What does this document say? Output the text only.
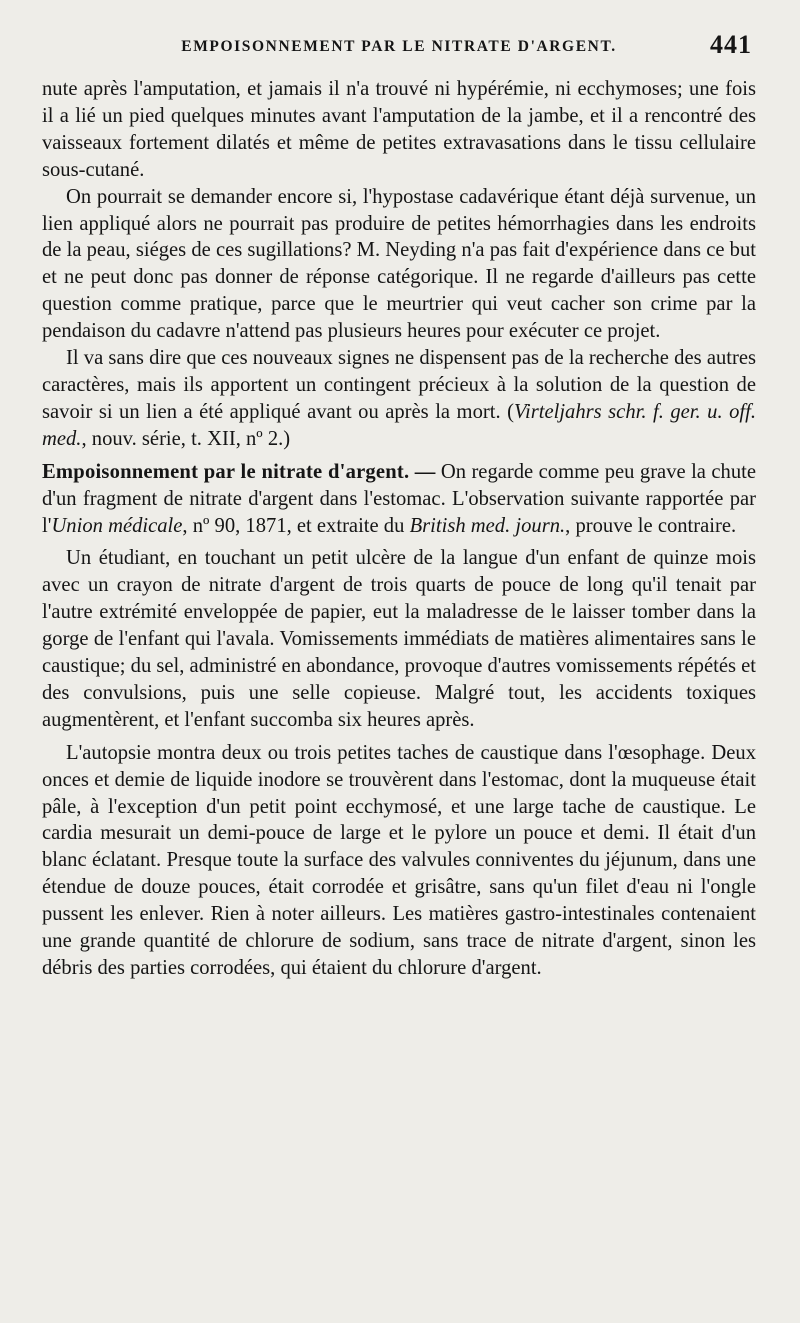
EMPOISONNEMENT PAR LE NITRATE D'ARGENT.	441

nute après l'amputation, et jamais il n'a trouvé ni hypérémie, ni ecchymoses; une fois il a lié un pied quelques minutes avant l'amputation de la jambe, et il a rencontré des vaisseaux fortement dilatés et même de petites extravasations dans le tissu cellulaire sous-cutané.

On pourrait se demander encore si, l'hypostase cadavérique étant déjà survenue, un lien appliqué alors ne pourrait pas produire de petites hémorrhagies dans les endroits de la peau, siéges de ces sugillations? M. Neyding n'a pas fait d'expérience dans ce but et ne peut donc pas donner de réponse catégorique. Il ne regarde d'ailleurs pas cette question comme pratique, parce que le meurtrier qui veut cacher son crime par la pendaison du cadavre n'attend pas plusieurs heures pour exécuter ce projet.

Il va sans dire que ces nouveaux signes ne dispensent pas de la recherche des autres caractères, mais ils apportent un contingent précieux à la solution de la question de savoir si un lien a été appliqué avant ou après la mort. (Virteljahrs schr. f. ger. u. off. med., nouv. série, t. XII, nº 2.)

Empoisonnement par le nitrate d'argent. — On regarde comme peu grave la chute d'un fragment de nitrate d'argent dans l'estomac. L'observation suivante rapportée par l'Union médicale, nº 90, 1871, et extraite du British med. journ., prouve le contraire.

Un étudiant, en touchant un petit ulcère de la langue d'un enfant de quinze mois avec un crayon de nitrate d'argent de trois quarts de pouce de long qu'il tenait par l'autre extrémité enveloppée de papier, eut la maladresse de le laisser tomber dans la gorge de l'enfant qui l'avala. Vomissements immédiats de matières alimentaires sans le caustique; du sel, administré en abondance, provoque d'autres vomissements répétés et des convulsions, puis une selle copieuse. Malgré tout, les accidents toxiques augmentèrent, et l'enfant succomba six heures après.

L'autopsie montra deux ou trois petites taches de caustique dans l'œsophage. Deux onces et demie de liquide inodore se trouvèrent dans l'estomac, dont la muqueuse était pâle, à l'exception d'un petit point ecchymosé, et une large tache de caustique. Le cardia mesurait un demi-pouce de large et le pylore un pouce et demi. Il était d'un blanc éclatant. Presque toute la surface des valvules conniventes du jéjunum, dans une étendue de douze pouces, était corrodée et grisâtre, sans qu'un filet d'eau ni l'ongle pussent les enlever. Rien à noter ailleurs. Les matières gastro-intestinales contenaient une grande quantité de chlorure de sodium, sans trace de nitrate d'argent, sinon les débris des parties corrodées, qui étaient du chlorure d'argent.
